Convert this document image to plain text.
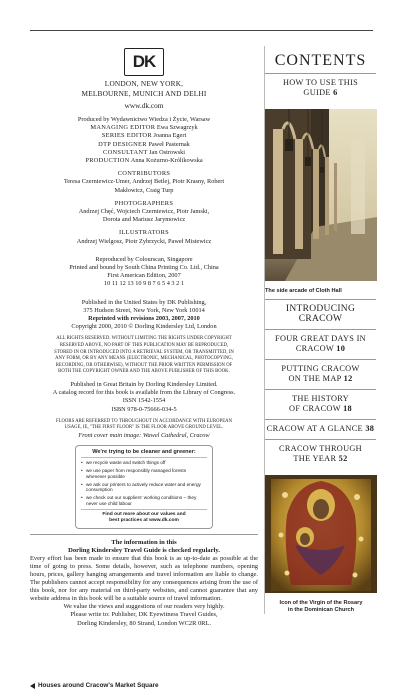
DK
LONDON, NEW YORK,
MELBOURNE, MUNICH AND DELHI
www.dk.com
Produced by Wydawnictwo Wiedza i Życie, Warsaw
MANAGING EDITOR Ewa Szwagrzyk
SERIES EDITOR Joanna Egert
DTP DESIGNER Paweł Pasternak
CONSULTANT Jan Ostrowski
PRODUCTION Anna Kożurno-Królikowska
CONTRIBUTORS
Teresa Czerniewicz-Umer, Andrzej Betlej, Piotr Krasny, Robert
Makłowicz, Craig Turp
PHOTOGRAPHERS
Andrzej Chęć, Wojciech Czerniewicz, Piotr Jamski,
Dorota and Mariusz Jarymowicz
ILLUSTRATORS
Andrzej Wielgosz, Piotr Zybrzycki, Paweł Mistewicz
Reproduced by Colourscan, Singapore
Printed and bound by South China Printing Co. Ltd., China
First American Edition, 2007
10 11 12 13 10 9 8 7 6 5 4 3 2 1
Published in the United States by DK Publishing,
375 Hudson Street, New York, New York 10014
Reprinted with revisions 2003, 2007, 2010
Copyright 2000, 2010 © Dorling Kindersley Ltd, London
ALL RIGHTS RESERVED. WITHOUT LIMITING THE RIGHTS UNDER COPYRIGHT
RESERVED ABOVE, NO PART OF THIS PUBLICATION MAY BE REPRODUCED,
STORED IN OR INTRODUCED INTO A RETRIEVAL SYSTEM, OR TRANSMITTED, IN
ANY FORM, OR BY ANY MEANS (ELECTRONIC, MECHANICAL, PHOTOCOPYING,
RECORDING, OR OTHERWISE), WITHOUT THE PRIOR WRITTEN PERMISSION OF
BOTH THE COPYRIGHT OWNER AND THE ABOVE PUBLISHER OF THIS BOOK.
Published in Great Britain by Dorling Kindersley Limited.
A catalog record for this book is available from the Library of Congress.
ISSN 1542-1554
ISBN 978-0-75666-034-5
FLOORS ARE REFERRED TO THROUGHOUT IN ACCORDANCE WITH EUROPEAN
USAGE, IE, "THE FIRST FLOOR" IS THE FLOOR ABOVE GROUND LEVEL.
Front cover main image: Wawel Cathedral, Cracow
We're trying to be cleaner and greener:
• we recycle waste and switch things off
• we use paper from responsibly managed forests whenever possible
• we ask our printers to actively reduce water and energy consumption
• we check out our suppliers' working conditions – they never use child labour
Find out more about our values and
best practices at www.dk.com
The information in this
Dorling Kindersley Travel Guide is checked regularly.
Every effort has been made to ensure that this book is as up-to-date as possible at the time of going to press. Some details, however, such as telephone numbers, opening hours, prices, gallery hanging arrangements and travel information are liable to change. The publishers cannot accept responsibility for any consequences arising from the use of this book, nor for any material on third-party websites, and cannot guarantee that any website address in this book will be a suitable source of travel information.
We value the views and suggestions of our readers very highly.
Please write to: Publisher, DK Eyewitness Travel Guides,
Dorling Kindersley, 80 Strand, London WC2R 0RL.
Houses around Cracow's Market Square
CONTENTS
HOW TO USE THIS
GUIDE 6
The side arcade of Cloth Hall
INTRODUCING
CRACOW
FOUR GREAT DAYS IN
CRACOW 10
PUTTING CRACOW
ON THE MAP 12
THE HISTORY
OF CRACOW 18
CRACOW AT A GLANCE 38
CRACOW THROUGH
THE YEAR 52
Icon of the Virgin of the Rosary
in the Dominican Church
